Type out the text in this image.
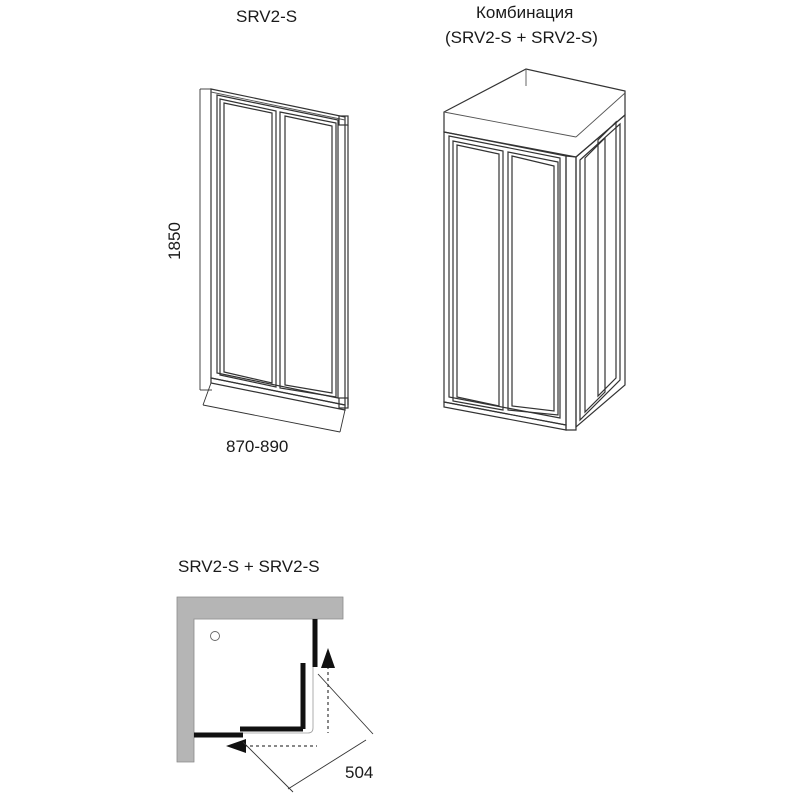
SRV2-S	Комбинация
(SRV2-S + SRV2-S)
1850
870-890
SRV2-S + SRV2-S
504
